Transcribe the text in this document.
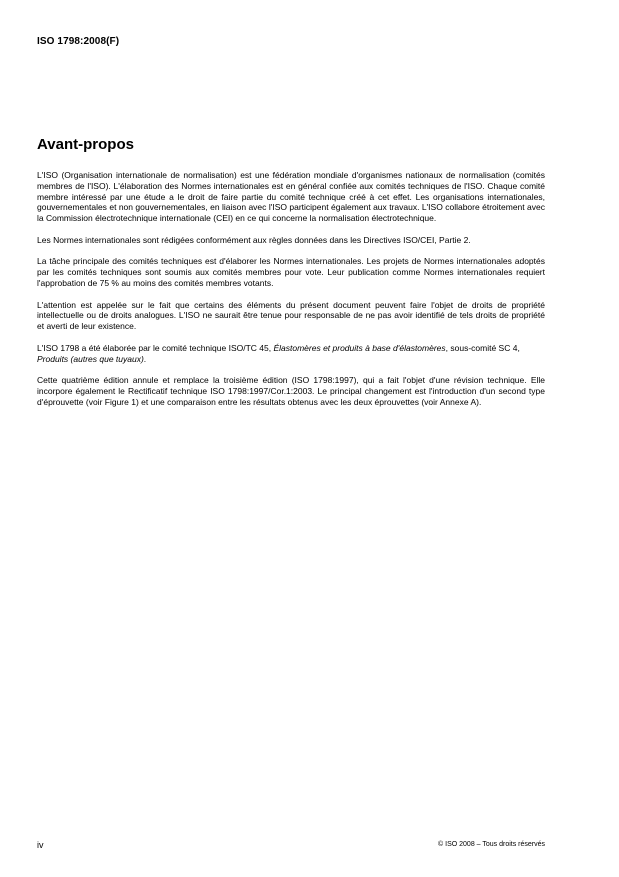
ISO 1798:2008(F)
Avant-propos

L'ISO (Organisation internationale de normalisation) est une fédération mondiale d'organismes nationaux de normalisation (comités membres de l'ISO). L'élaboration des Normes internationales est en général confiée aux comités techniques de l'ISO. Chaque comité membre intéressé par une étude a le droit de faire partie du comité technique créé à cet effet. Les organisations internationales, gouvernementales et non gouvernementales, en liaison avec l'ISO participent également aux travaux. L'ISO collabore étroitement avec la Commission électrotechnique internationale (CEI) en ce qui concerne la normalisation électrotechnique.

Les Normes internationales sont rédigées conformément aux règles données dans les Directives ISO/CEI, Partie 2.

La tâche principale des comités techniques est d'élaborer les Normes internationales. Les projets de Normes internationales adoptés par les comités techniques sont soumis aux comités membres pour vote. Leur publication comme Normes internationales requiert l'approbation de 75 % au moins des comités membres votants.

L'attention est appelée sur le fait que certains des éléments du présent document peuvent faire l'objet de droits de propriété intellectuelle ou de droits analogues. L'ISO ne saurait être tenue pour responsable de ne pas avoir identifié de tels droits de propriété et averti de leur existence.

L'ISO 1798 a été élaborée par le comité technique ISO/TC 45, Élastomères et produits à base d'élastomères, sous-comité SC 4, Produits (autres que tuyaux).

Cette quatrième édition annule et remplace la troisième édition (ISO 1798:1997), qui a fait l'objet d'une révision technique. Elle incorpore également le Rectificatif technique ISO 1798:1997/Cor.1:2003. Le principal changement est l'introduction d'un second type d'éprouvette (voir Figure 1) et une comparaison entre les résultats obtenus avec les deux éprouvettes (voir Annexe A).

iv	© ISO 2008 – Tous droits réservés
